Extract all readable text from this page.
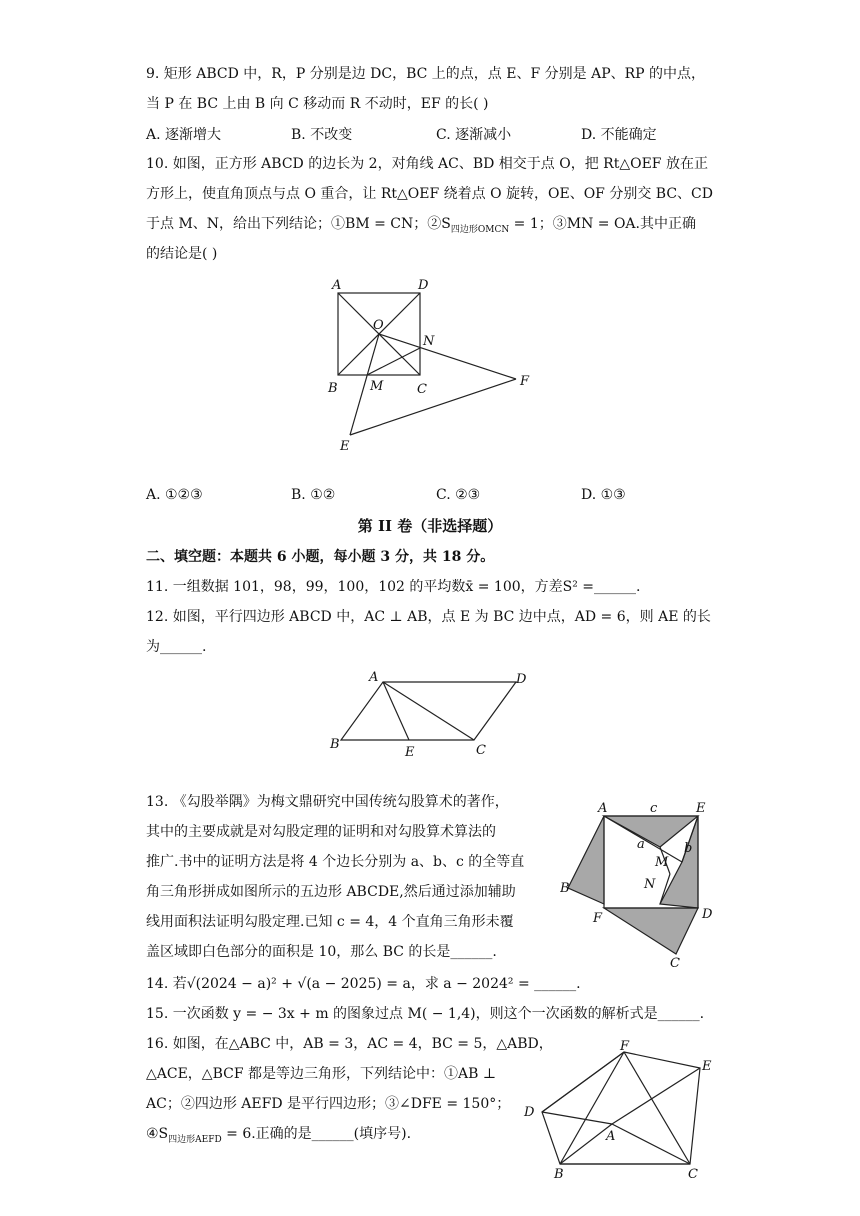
9. 矩形 ABCD 中，R，P 分别是边 DC，BC 上的点，点 E、F 分别是 AP、RP 的中点，
当 P 在 BC 上由 B 向 C 移动而 R 不动时，EF 的长( )
A. 逐渐增大	B. 不改变	C. 逐渐减小	D. 不能确定
10. 如图，正方形 ABCD 的边长为 2，对角线 AC、BD 相交于点 O，把 Rt△OEF 放在正
方形上，使直角顶点与点 O 重合，让 Rt△OEF 绕着点 O 旋转，OE、OF 分别交 BC、CD
于点 M、N，给出下列结论；①BM = CN；$②S_{四边形OMCN} = 1$；③MN = OA.其中正确
的结论是( )
A	D
O
N
B M	C
F
E
A. ①②③	B. ①②	C. ②③	D. ①③
第 II 卷（非选择题）
二、填空题：本题共 6 小题，每小题 3 分，共 18 分。
11. 一组数据 101，98，99，100，102 的平均数x̄ = 100，方差S² =______.
12. 如图，平行四边形 ABCD 中，AC ⊥ AB，点 E 为 BC 边中点，AD = 6，则 AE 的长
为______.
A	D
B
E	C
13. 《勾股举隅》为梅文鼎研究中国传统勾股算术的著作，
其中的主要成就是对勾股定理的证明和对勾股算术算法的
推广.书中的证明方法是将 4 个边长分别为 a、b、c 的全等直
角三角形拼成如图所示的五边形 ABCDE,然后通过添加辅助
线用面积法证明勾股定理.已知 c = 4，4 个直角三角形未覆
盖区域即白色部分的面积是 10，那么 BC 的长是______.
A	c	E
a
M
b
B	N
F	D
C
14. 若√(2024 − a)² + √(a − 2025) = a，求 a − 2024² = ______.
15. 一次函数 y = − 3x + m 的图象过点 M( − 1,4)，则这个一次函数的解析式是______.
16. 如图，在△ABC 中，AB = 3，AC = 4，BC = 5，△ABD，
△ACE，△BCF 都是等边三角形，下列结论中：①AB ⊥
AC；②四边形 AEFD 是平行四边形；③∠DFE = 150°；
$④S_{四边形AEFD} = 6$.正确的是______(填序号).
F
E
D
A
B	C
